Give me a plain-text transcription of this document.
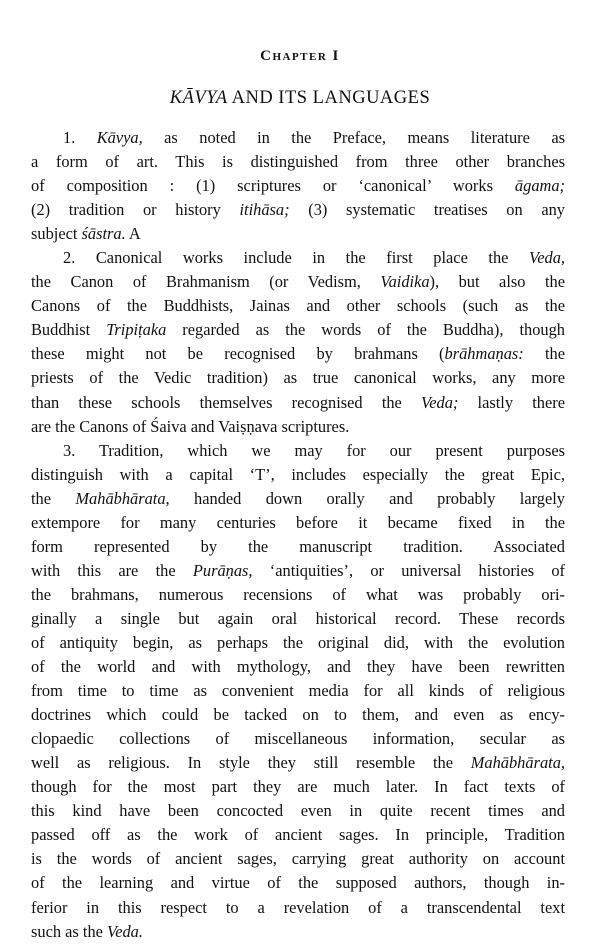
Chapter I
KĀVYA AND ITS LANGUAGES
1. Kāvya, as noted in the Preface, means literature as
a form of art. This is distinguished from three other branches
of composition : (1) scriptures or ‘canonical’ works āgama;
(2) tradition or history itihāsa; (3) systematic treatises on any
subject śāstra. A
2. Canonical works include in the first place the Veda,
the Canon of Brahmanism (or Vedism, Vaidika), but also the
Canons of the Buddhists, Jainas and other schools (such as the
Buddhist Tripiṭaka regarded as the words of the Buddha), though
these might not be recognised by brahmans (brāhmaṇas: the
priests of the Vedic tradition) as true canonical works, any more
than these schools themselves recognised the Veda; lastly there
are the Canons of Śaiva and Vaiṣṇava scriptures.
3. Tradition, which we may for our present purposes
distinguish with a capital ‘T’, includes especially the great Epic,
the Mahābhārata, handed down orally and probably largely
extempore for many centuries before it became fixed in the
form represented by the manuscript tradition. Associated
with this are the Purāṇas, ‘antiquities’, or universal histories of
the brahmans, numerous recensions of what was probably ori-
ginally a single but again oral historical record. These records
of antiquity begin, as perhaps the original did, with the evolution
of the world and with mythology, and they have been rewritten
from time to time as convenient media for all kinds of religious
doctrines which could be tacked on to them, and even as ency-
clopaedic collections of miscellaneous information, secular as
well as religious. In style they still resemble the Mahābhārata,
though for the most part they are much later. In fact texts of
this kind have been concocted even in quite recent times and
passed off as the work of ancient sages. In principle, Tradition
is the words of ancient sages, carrying great authority on account
of the learning and virtue of the supposed authors, though in-
ferior in this respect to a revelation of a transcendental text
such as the Veda.
